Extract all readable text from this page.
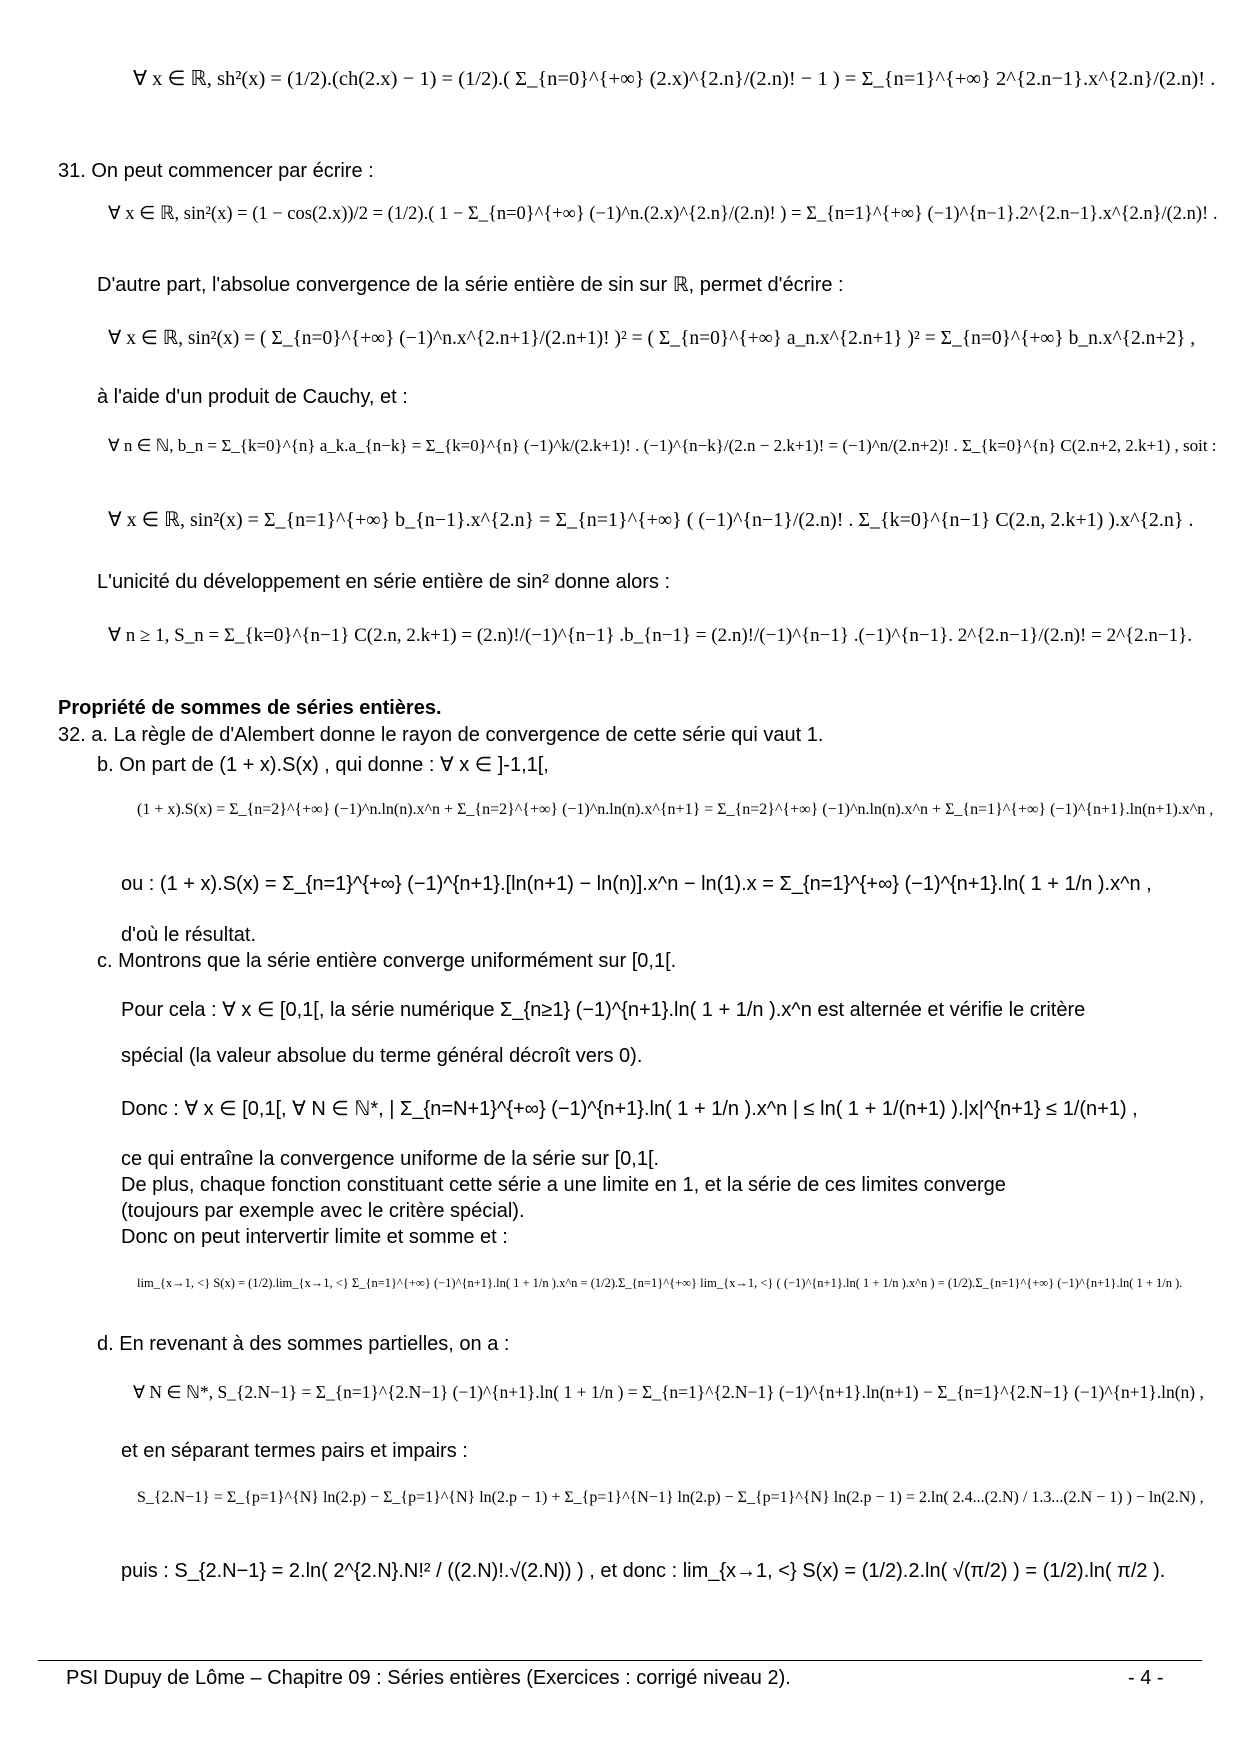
∀ x ∈ ℝ, sh²(x) = (1/2).(ch(2.x) − 1) = (1/2).( Σ_{n=0}^{+∞} (2.x)^{2.n}/(2.n)! − 1 ) = Σ_{n=1}^{+∞} 2^{2.n−1}.x^{2.n}/(2.n)! .
31. On peut commencer par écrire :
∀ x ∈ ℝ, sin²(x) = (1 − cos(2.x))/2 = (1/2).( 1 − Σ_{n=0}^{+∞} (−1)^n.(2.x)^{2.n}/(2.n)! ) = Σ_{n=1}^{+∞} (−1)^{n−1}.2^{2.n−1}.x^{2.n}/(2.n)! .
D'autre part, l'absolue convergence de la série entière de sin sur ℝ, permet d'écrire :
∀ x ∈ ℝ, sin²(x) = ( Σ_{n=0}^{+∞} (−1)^n.x^{2.n+1}/(2.n+1)! )² = ( Σ_{n=0}^{+∞} a_n.x^{2.n+1} )² = Σ_{n=0}^{+∞} b_n.x^{2.n+2} ,
à l'aide d'un produit de Cauchy, et :
∀ n ∈ ℕ, b_n = Σ_{k=0}^{n} a_k.a_{n−k} = Σ_{k=0}^{n} (−1)^k/(2.k+1)! . (−1)^{n−k}/(2.n − 2.k+1)! = (−1)^n/(2.n+2)! . Σ_{k=0}^{n} C(2.n+2, 2.k+1) , soit :
∀ x ∈ ℝ, sin²(x) = Σ_{n=1}^{+∞} b_{n−1}.x^{2.n} = Σ_{n=1}^{+∞} ( (−1)^{n−1}/(2.n)! . Σ_{k=0}^{n−1} C(2.n, 2.k+1) ).x^{2.n} .
L'unicité du développement en série entière de sin² donne alors :
∀ n ≥ 1, S_n = Σ_{k=0}^{n−1} C(2.n, 2.k+1) = (2.n)!/(−1)^{n−1} .b_{n−1} = (2.n)!/(−1)^{n−1} .(−1)^{n−1}. 2^{2.n−1}/(2.n)! = 2^{2.n−1}.
Propriété de sommes de séries entières.
32. a. La règle de d'Alembert donne le rayon de convergence de cette série qui vaut 1.
b. On part de (1 + x).S(x) , qui donne : ∀ x ∈ ]-1,1[,
(1 + x).S(x) = Σ_{n=2}^{+∞} (−1)^n.ln(n).x^n + Σ_{n=2}^{+∞} (−1)^n.ln(n).x^{n+1} = Σ_{n=2}^{+∞} (−1)^n.ln(n).x^n + Σ_{n=1}^{+∞} (−1)^{n+1}.ln(n+1).x^n ,
ou : (1 + x).S(x) = Σ_{n=1}^{+∞} (−1)^{n+1}.[ln(n+1) − ln(n)].x^n − ln(1).x = Σ_{n=1}^{+∞} (−1)^{n+1}.ln( 1 + 1/n ).x^n ,
d'où le résultat.
c. Montrons que la série entière converge uniformément sur [0,1[.
Pour cela : ∀ x ∈ [0,1[, la série numérique Σ_{n≥1} (−1)^{n+1}.ln( 1 + 1/n ).x^n est alternée et vérifie le critère
spécial (la valeur absolue du terme général décroît vers 0).
Donc : ∀ x ∈ [0,1[, ∀ N ∈ ℕ*, | Σ_{n=N+1}^{+∞} (−1)^{n+1}.ln( 1 + 1/n ).x^n | ≤ ln( 1 + 1/(n+1) ).|x|^{n+1} ≤ 1/(n+1) ,
ce qui entraîne la convergence uniforme de la série sur [0,1[.
De plus, chaque fonction constituant cette série a une limite en 1, et la série de ces limites converge
(toujours par exemple avec le critère spécial).
Donc on peut intervertir limite et somme et :
lim_{x→1, <} S(x) = (1/2).lim_{x→1, <} Σ_{n=1}^{+∞} (−1)^{n+1}.ln( 1 + 1/n ).x^n = (1/2).Σ_{n=1}^{+∞} lim_{x→1, <} ( (−1)^{n+1}.ln( 1 + 1/n ).x^n ) = (1/2).Σ_{n=1}^{+∞} (−1)^{n+1}.ln( 1 + 1/n ).
d. En revenant à des sommes partielles, on a :
∀ N ∈ ℕ*, S_{2.N−1} = Σ_{n=1}^{2.N−1} (−1)^{n+1}.ln( 1 + 1/n ) = Σ_{n=1}^{2.N−1} (−1)^{n+1}.ln(n+1) − Σ_{n=1}^{2.N−1} (−1)^{n+1}.ln(n) ,
et en séparant termes pairs et impairs :
S_{2.N−1} = Σ_{p=1}^{N} ln(2.p) − Σ_{p=1}^{N} ln(2.p − 1) + Σ_{p=1}^{N−1} ln(2.p) − Σ_{p=1}^{N} ln(2.p − 1) = 2.ln( 2.4...(2.N) / 1.3...(2.N − 1) ) − ln(2.N) ,
puis : S_{2.N−1} = 2.ln( 2^{2.N}.N!² / ((2.N)!.√(2.N)) ) , et donc : lim_{x→1, <} S(x) = (1/2).2.ln( √(π/2) ) = (1/2).ln( π/2 ).
PSI Dupuy de Lôme – Chapitre 09 : Séries entières (Exercices : corrigé niveau 2).	- 4 -
